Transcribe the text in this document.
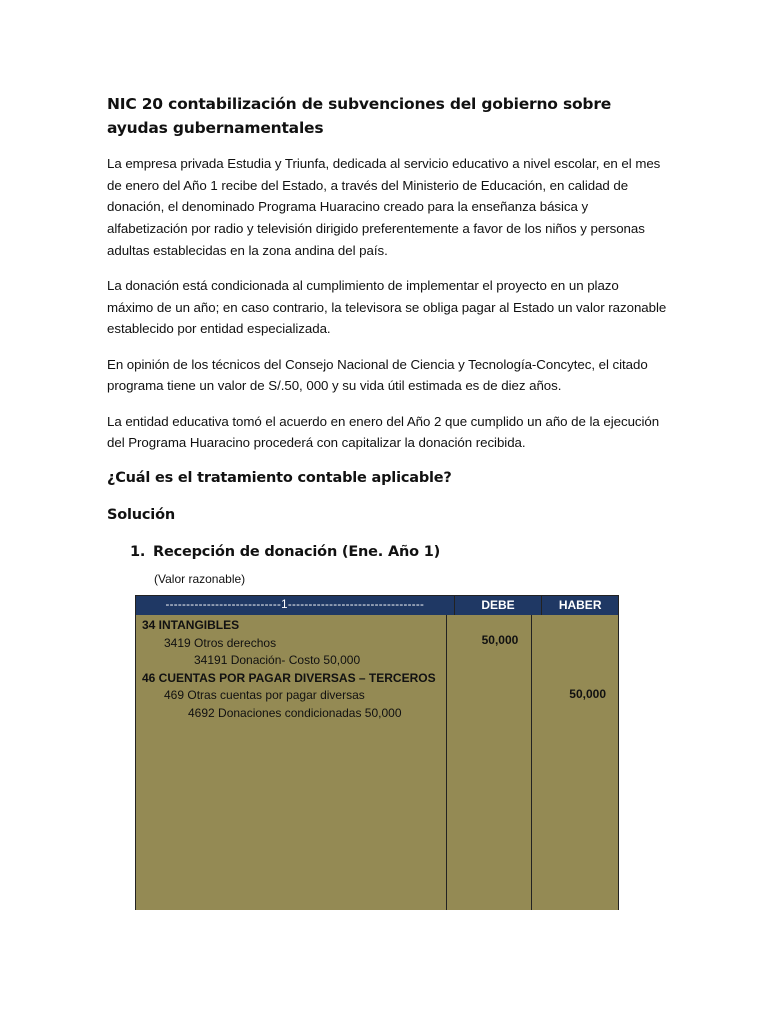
NIC 20 contabilización de subvenciones del gobierno sobre ayudas gubernamentales

La empresa privada Estudia y Triunfa, dedicada al servicio educativo a nivel escolar, en el mes de enero del Año 1 recibe del Estado, a través del Ministerio de Educación, en calidad de donación, el denominado Programa Huaracino creado para la enseñanza básica y alfabetización por radio y televisión dirigido preferentemente a favor de los niños y personas adultas establecidas en la zona andina del país.

La donación está condicionada al cumplimiento de implementar el proyecto en un plazo máximo de un año; en caso contrario, la televisora se obliga pagar al Estado un valor razonable establecido por entidad especializada.

En opinión de los técnicos del Consejo Nacional de Ciencia y Tecnología-Concytec, el citado programa tiene un valor de S/.50, 000 y su vida útil estimada es de diez años.

La entidad educativa tomó el acuerdo en enero del Año 2 que cumplido un año de la ejecución del Programa Huaracino procederá con capitalizar la donación recibida.

¿Cuál es el tratamiento contable aplicable?
Solución
1. Recepción de donación (Ene. Año 1)
(Valor razonable)
----------------------------1---------------------------------	DEBE	HABER
34 INTANGIBLES
3419 Otros derechos
34191 Donación- Costo 50,000
46 CUENTAS POR PAGAR DIVERSAS – TERCEROS
469 Otras cuentas por pagar diversas
4692 Donaciones condicionadas 50,000
50,000
50,000
